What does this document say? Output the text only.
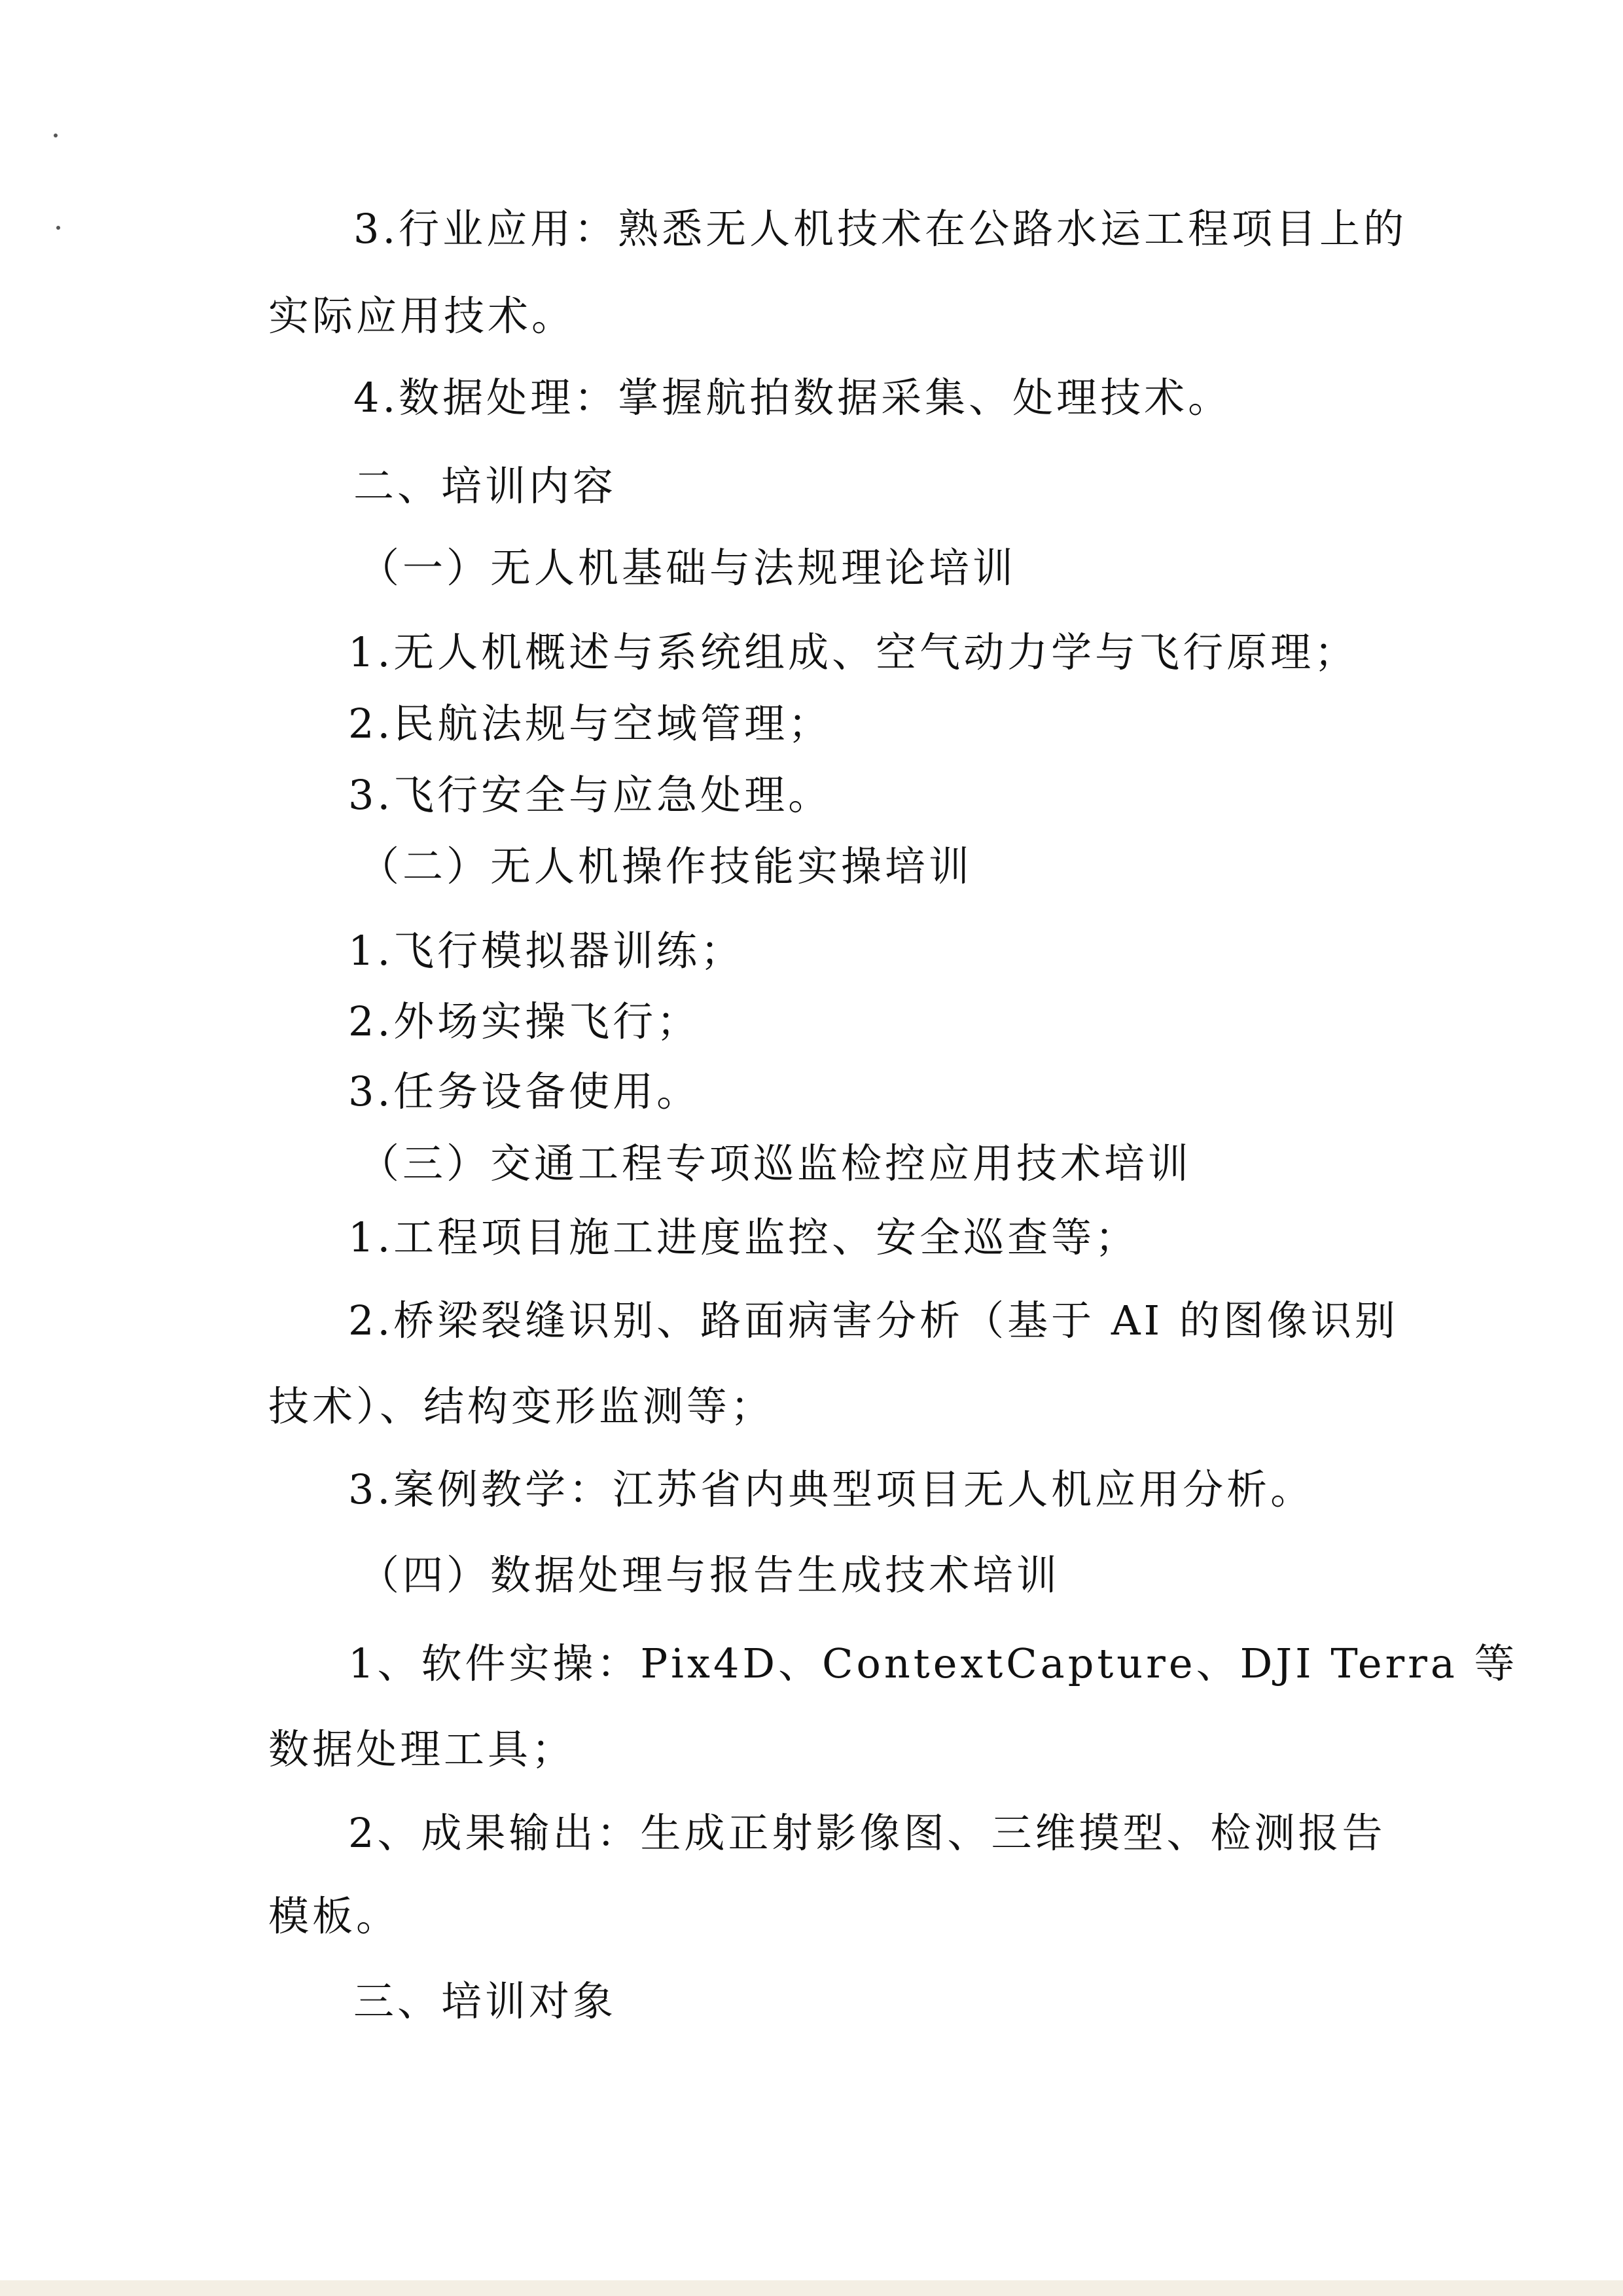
3.行业应用：熟悉无人机技术在公路水运工程项目上的
实际应用技术。
4.数据处理：掌握航拍数据采集、处理技术。
二、培训内容
（一）无人机基础与法规理论培训
1.无人机概述与系统组成、空气动力学与飞行原理；
2.民航法规与空域管理；
3.飞行安全与应急处理。
（二）无人机操作技能实操培训
1.飞行模拟器训练；
2.外场实操飞行；
3.任务设备使用。
（三）交通工程专项巡监检控应用技术培训
1.工程项目施工进度监控、安全巡查等；
2.桥梁裂缝识别、路面病害分析（基于 AI 的图像识别
技术）、结构变形监测等；
3.案例教学：江苏省内典型项目无人机应用分析。
（四）数据处理与报告生成技术培训
1、软件实操：Pix4D、ContextCapture、DJI Terra 等
数据处理工具；
2、成果输出：生成正射影像图、三维摸型、检测报告
模板。
三、培训对象
